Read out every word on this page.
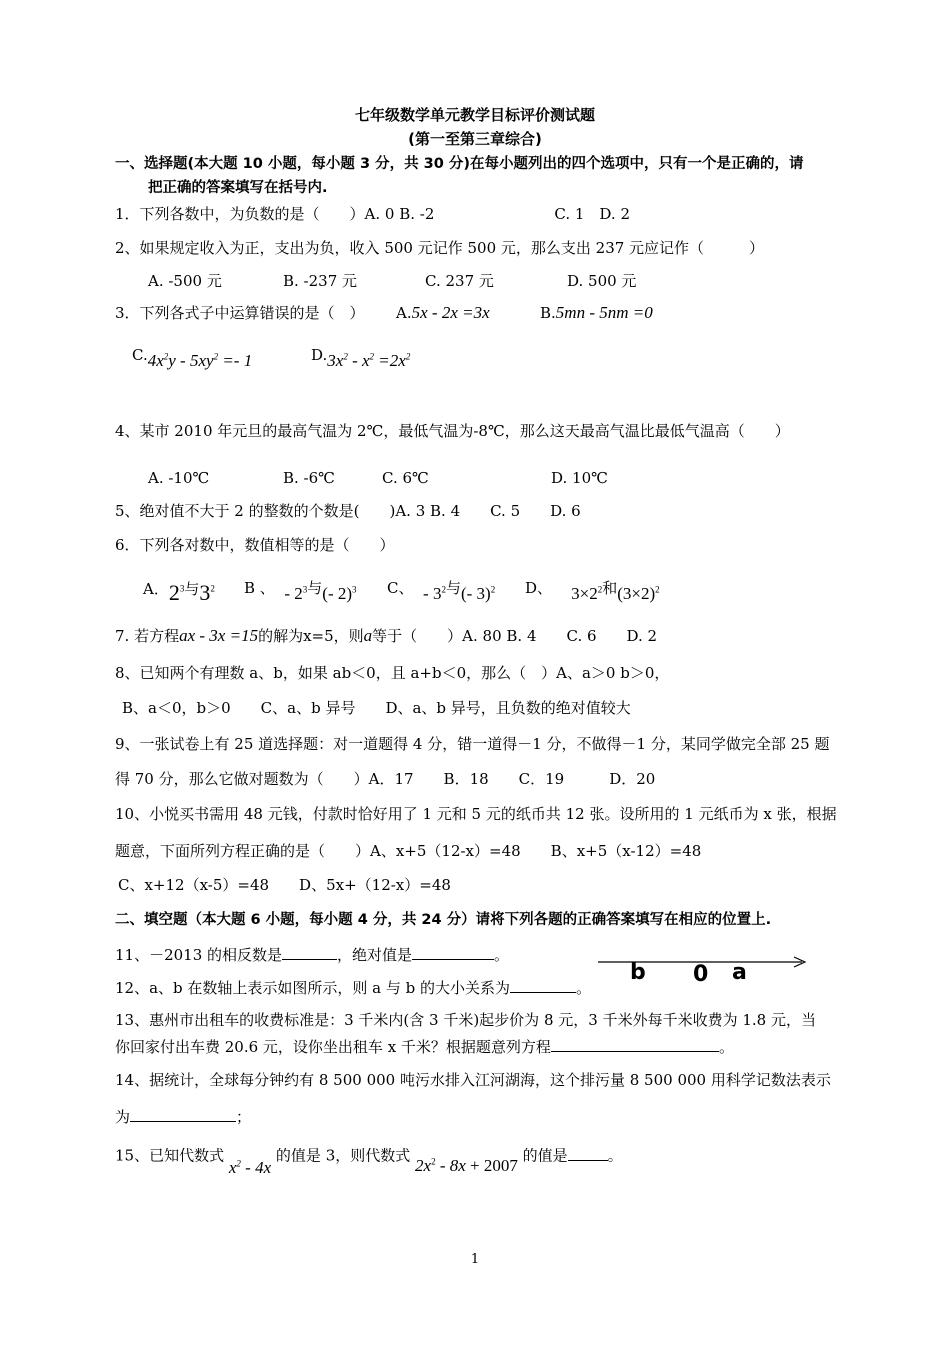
七年级数学单元教学目标评价测试题
(第一至第三章综合)
一、选择题(本大题 10 小题，每小题 3 分，共 30 分)在每小题列出的四个选项中，只有一个是正确的，请
把正确的答案填写在括号内.
1．下列各数中，为负数的是（　　）A. 0 B. -2　　　　　　　　C. 1　D. 2
2、如果规定收入为正，支出为负，收入 500 元记作 500 元，那么支出 237 元应记作（　　　）
A. -500 元	B. -237 元	C. 237 元	D. 500 元
3．下列各式子中运算错误的是（　） A.5x - 2x =3x	B.5mn - 5nm =0
$C.4x^2y - 5xy^2 =- 1$	$D.3x^2 - x^2 =2x^2$
4、某市 2010 年元旦的最高气温为 2℃，最低气温为-8℃，那么这天最高气温比最低气温高（　　）
A. -10℃	B. -6℃	C. 6℃	D. 10℃
5、绝对值不大于 2 的整数的个数是(　　)A. 3 B. 4　　C. 5　　D. 6
6．下列各对数中，数值相等的是（　　）
A．$2^3$与$3^2$ B 、 - $2^3$与(- 2)$^3$ C、 - $3^2$与(- 3)$^2$ D、 $3\times 2^2$和$(3\times 2)^2$
7. 若方程ax - 3x =15的解为x=5，则a等于（　　）A. 80 B. 4　　C. 6　　D. 2
8、已知两个有理数 a、b，如果 ab＜0，且 a+b＜0，那么（　）A、a＞0 b＞0，
B、a＜0，b＞0　　C、a、b 异号　　D、a、b 异号，且负数的绝对值较大
9、一张试卷上有 25 道选择题：对一道题得 4 分，错一道得－1 分，不做得－1 分，某同学做完全部 25 题
得 70 分，那么它做对题数为（　　）A．17　　B．18　　C．19　　　D．20
10、小悦买书需用 48 元钱，付款时恰好用了 1 元和 5 元的纸币共 12 张。设所用的 1 元纸币为 x 张，根据
题意，下面所列方程正确的是（　　）A、x+5（12-x）=48　　B、x+5（x-12）=48
C、x+12（x-5）=48　　D、5x+（12-x）=48
二、填空题（本大题 6 小题，每小题 4 分，共 24 分）请将下列各题的正确答案填写在相应的位置上.
11、－2013 的相反数是	，绝对值是	。
b 0 a
12、a、b 在数轴上表示如图所示，则 a 与 b 的大小关系为	。
13、惠州市出租车的收费标准是：3 千米内(含 3 千米)起步价为 8 元，3 千米外每千米收费为 1.8 元，当
你回家付出车费 20.6 元，设你坐出租车 x 千米？根据题意列方程	。
14、据统计，全球每分钟约有 8 500 000 吨污水排入江河湖海，这个排污量 8 500 000 用科学记数法表示
为	；
15、已知代数式 $x^2 - 4x$ 的值是 3，则代数式 $2x^2 - 8x + 2007$ 的值是	。
1
